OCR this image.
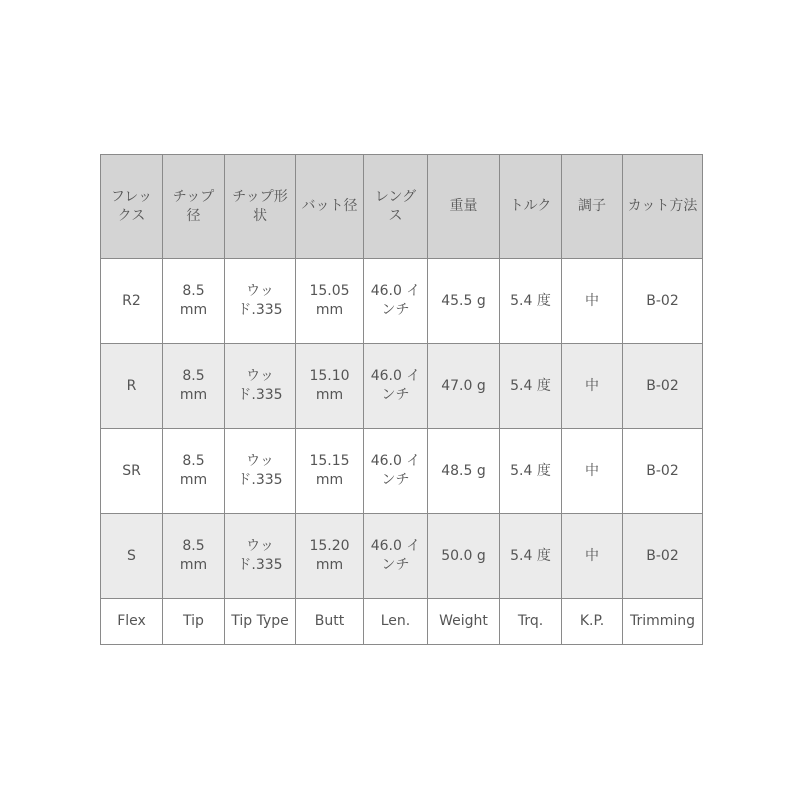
フレックス	チップ径	チップ形状	バット径	レングス	重量	トルク	調子	カット方法
R2	8.5 mm	ウッド.335	15.05 mm	46.0 インチ	45.5 g	5.4 度	中	B-02
R	8.5 mm	ウッド.335	15.10 mm	46.0 インチ	47.0 g	5.4 度	中	B-02
SR	8.5 mm	ウッド.335	15.15 mm	46.0 インチ	48.5 g	5.4 度	中	B-02
S	8.5 mm	ウッド.335	15.20 mm	46.0 インチ	50.0 g	5.4 度	中	B-02
Flex	Tip	Tip Type	Butt	Len.	Weight	Trq.	K.P.	Trimming
